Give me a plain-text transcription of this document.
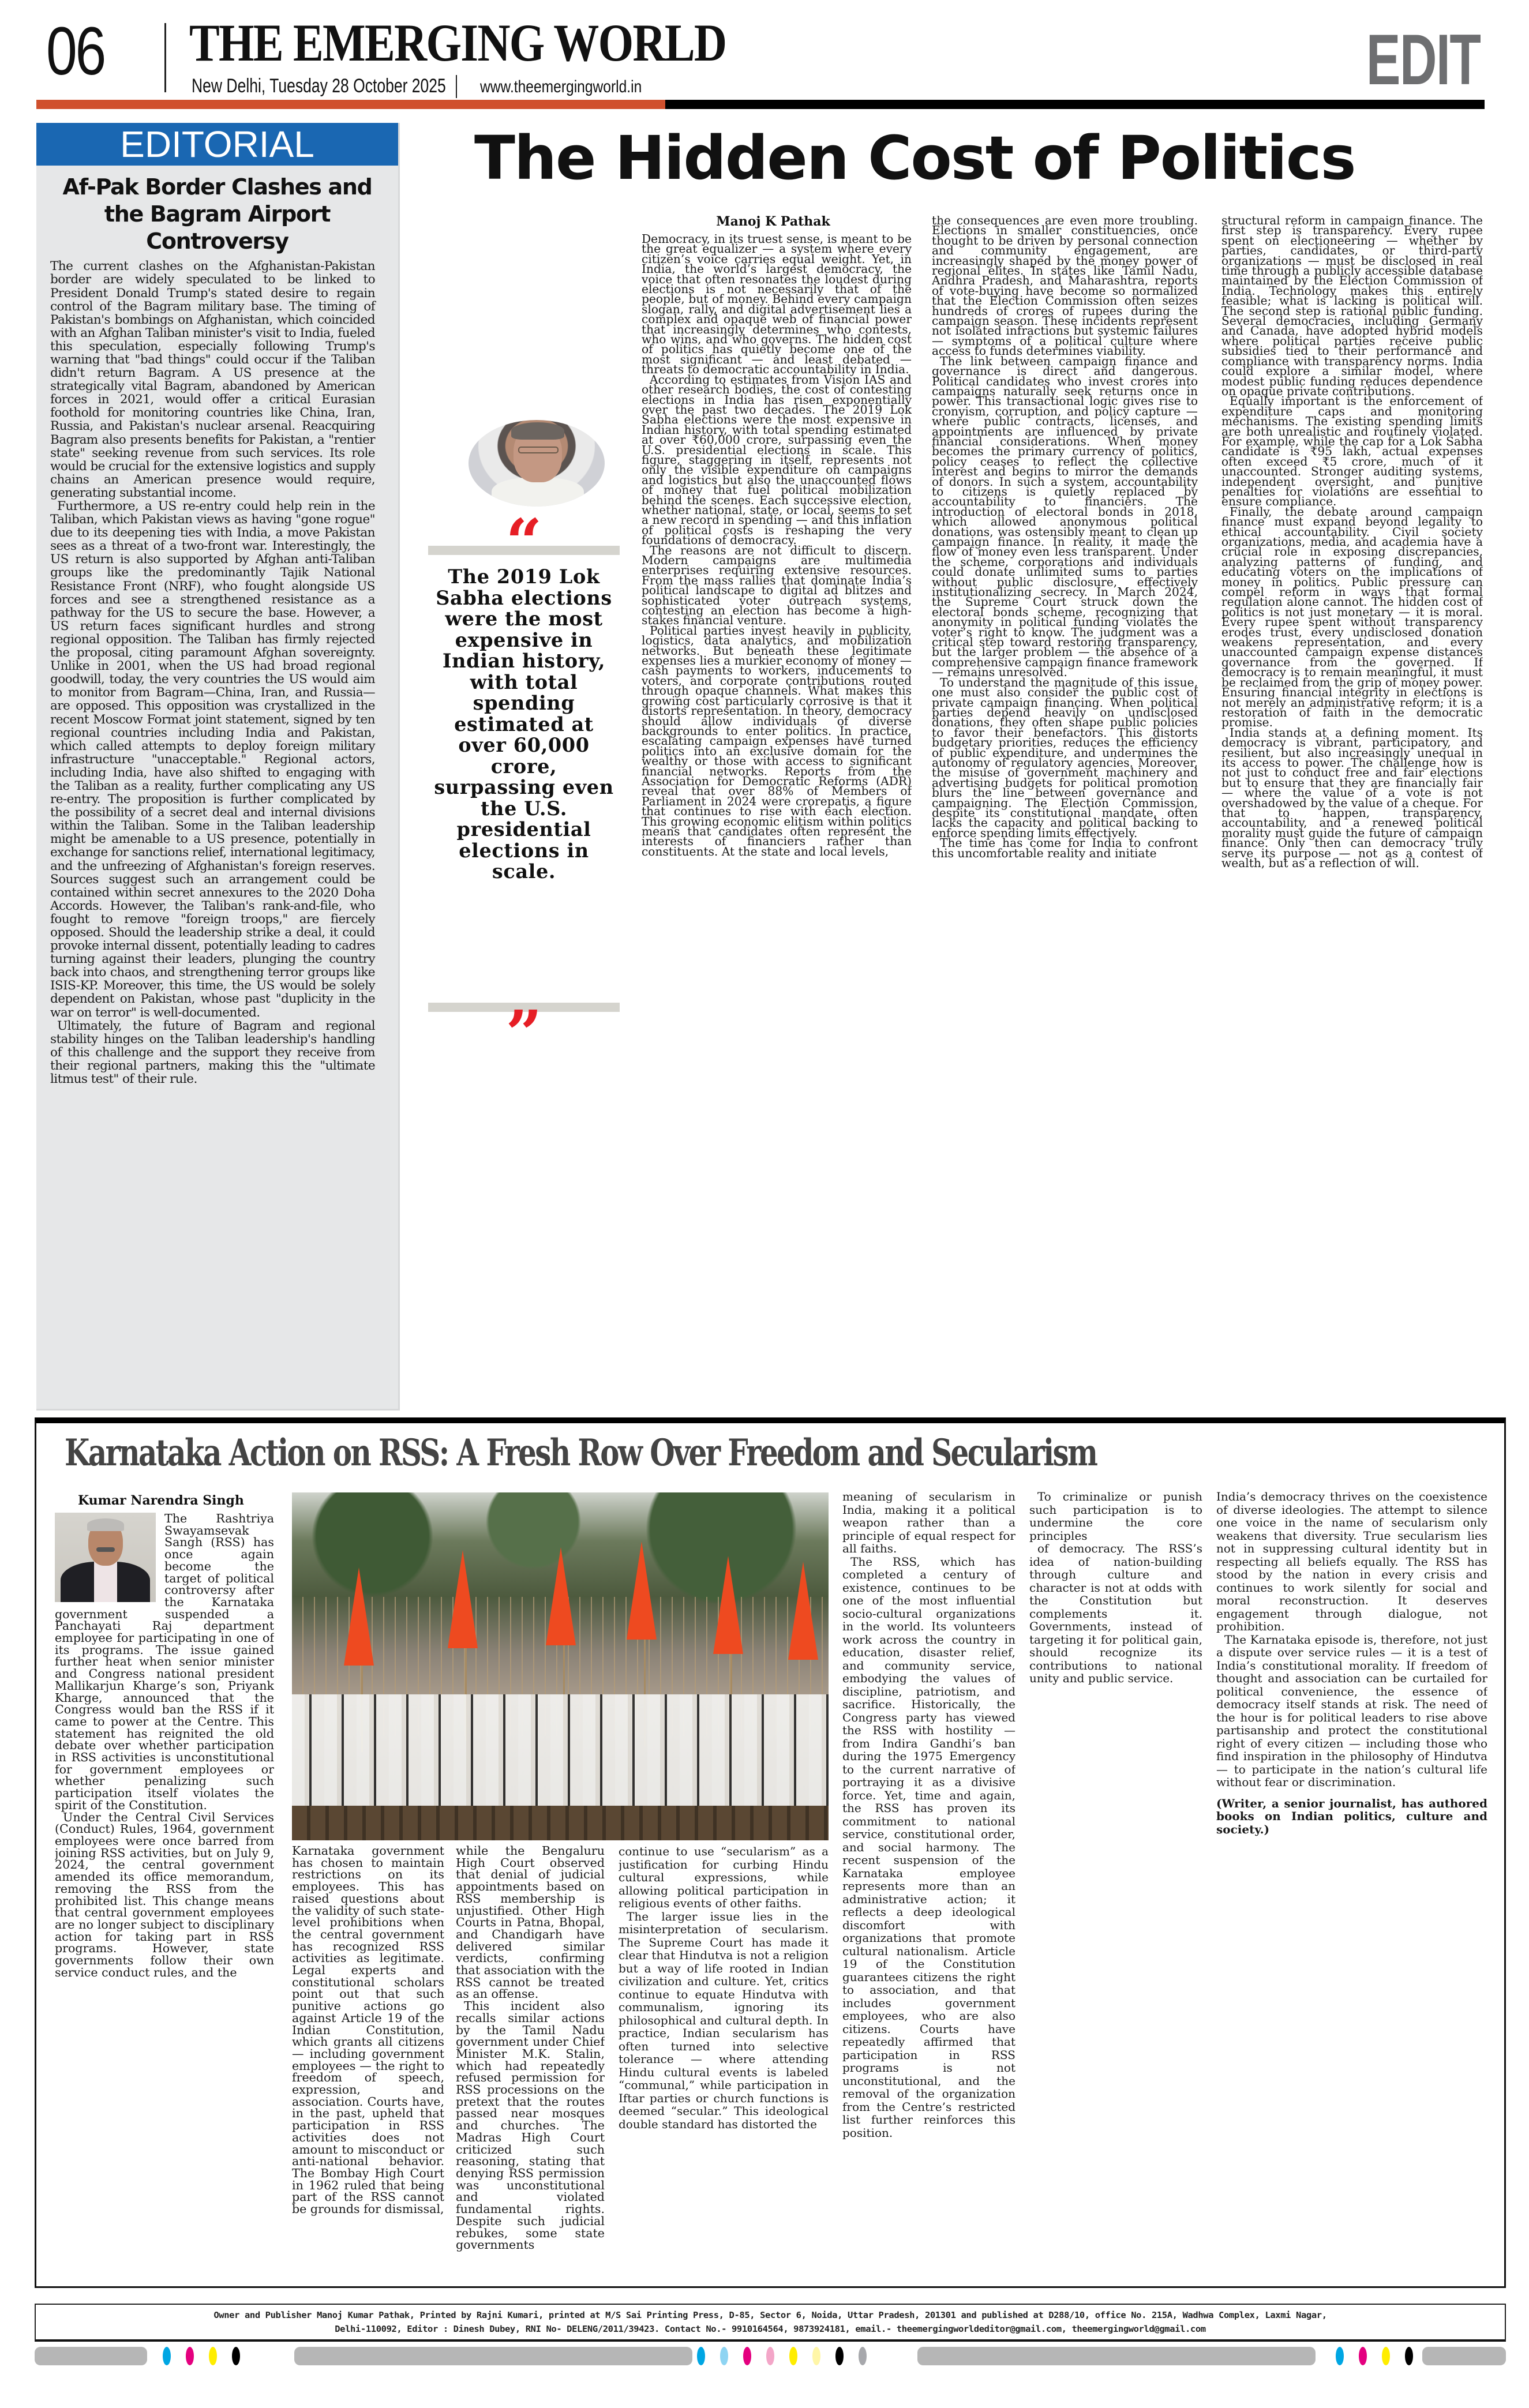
06 THE EMERGING WORLD
New Delhi, Tuesday 28 October 2025 www.theemergingworld.in	EDIT
EDITORIAL
Af-Pak Border Clashes and the Bagram Airport Controversy

The current clashes on the Afghanistan-Pakistan border are widely speculated to be linked to President Donald Trump's stated desire to regain control of the Bagram military base. The timing of Pakistan's bombings on Afghanistan, which coincided with an Afghan Taliban minister's visit to India, fueled this speculation, especially following Trump's warning that "bad things" could occur if the Taliban didn't return Bagram. A US presence at the strategically vital Bagram, abandoned by American forces in 2021, would offer a critical Eurasian foothold for monitoring countries like China, Iran, Russia, and Pakistan's nuclear arsenal. Reacquiring Bagram also presents benefits for Pakistan, a "rentier state" seeking revenue from such services. Its role would be crucial for the extensive logistics and supply chains an American presence would require, generating substantial income.

Furthermore, a US re-entry could help rein in the Taliban, which Pakistan views as having "gone rogue" due to its deepening ties with India, a move Pakistan sees as a threat of a two-front war. Interestingly, the US return is also supported by Afghan anti-Taliban groups like the predominantly Tajik National Resistance Front (NRF), who fought alongside US forces and see a strengthened resistance as a pathway for the US to secure the base. However, a US return faces significant hurdles and strong regional opposition. The Taliban has firmly rejected the proposal, citing paramount Afghan sovereignty. Unlike in 2001, when the US had broad regional goodwill, today, the very countries the US would aim to monitor from Bagram—China, Iran, and Russia—are opposed. This opposition was crystallized in the recent Moscow Format joint statement, signed by ten regional countries including India and Pakistan, which called attempts to deploy foreign military infrastructure "unacceptable." Regional actors, including India, have also shifted to engaging with the Taliban as a reality, further complicating any US re-entry. The proposition is further complicated by the possibility of a secret deal and internal divisions within the Taliban. Some in the Taliban leadership might be amenable to a US presence, potentially in exchange for sanctions relief, international legitimacy, and the unfreezing of Afghanistan's foreign reserves. Sources suggest such an arrangement could be contained within secret annexures to the 2020 Doha Accords. However, the Taliban's rank-and-file, who fought to remove "foreign troops," are fiercely opposed. Should the leadership strike a deal, it could provoke internal dissent, potentially leading to cadres turning against their leaders, plunging the country back into chaos, and strengthening terror groups like ISIS-KP. Moreover, this time, the US would be solely dependent on Pakistan, whose past "duplicity in the war on terror" is well-documented.

Ultimately, the future of Bagram and regional stability hinges on the Taliban leadership's handling of this challenge and the support they receive from their regional partners, making this the "ultimate litmus test" of their rule.

The Hidden Cost of Politics
“
The 2019 Lok Sabha elections were the most expensive in Indian history, with total spending estimated at over 60,000 crore, surpassing even the U.S. presidential elections in scale.
”
Manoj K Pathak

Democracy, in its truest sense, is meant to be the great equalizer — a system where every citizen’s voice carries equal weight. Yet, in India, the world’s largest democracy, the voice that often resonates the loudest during elections is not necessarily that of the people, but of money. Behind every campaign slogan, rally, and digital advertisement lies a complex and opaque web of financial power that increasingly determines who contests, who wins, and who governs. The hidden cost of politics has quietly become one of the most significant — and least debated — threats to democratic accountability in India.

According to estimates from Vision IAS and other research bodies, the cost of contesting elections in India has risen exponentially over the past two decades. The 2019 Lok Sabha elections were the most expensive in Indian history, with total spending estimated at over ₹60,000 crore, surpassing even the U.S. presidential elections in scale. This figure, staggering in itself, represents not only the visible expenditure on campaigns and logistics but also the unaccounted flows of money that fuel political mobilization behind the scenes. Each successive election, whether national, state, or local, seems to set a new record in spending — and this inflation of political costs is reshaping the very foundations of democracy.

The reasons are not difficult to discern. Modern campaigns are multimedia enterprises requiring extensive resources. From the mass rallies that dominate India’s political landscape to digital ad blitzes and sophisticated voter outreach systems, contesting an election has become a high-stakes financial venture.

Political parties invest heavily in publicity, logistics, data analytics, and mobilization networks. But beneath these legitimate expenses lies a murkier economy of money — cash payments to workers, inducements to voters, and corporate contributions routed through opaque channels. What makes this growing cost particularly corrosive is that it distorts representation. In theory, democracy should allow individuals of diverse backgrounds to enter politics. In practice, escalating campaign expenses have turned politics into an exclusive domain for the wealthy or those with access to significant financial networks. Reports from the Association for Democratic Reforms (ADR) reveal that over 88% of Members of Parliament in 2024 were crorepatis, a figure that continues to rise with each election. This growing economic elitism within politics means that candidates often represent the interests of financiers rather than constituents. At the state and local levels,

the consequences are even more troubling. Elections in smaller constituencies, once thought to be driven by personal connection and community engagement, are increasingly shaped by the money power of regional elites. In states like Tamil Nadu, Andhra Pradesh, and Maharashtra, reports of vote-buying have become so normalized that the Election Commission often seizes hundreds of crores of rupees during the campaign season. These incidents represent not isolated infractions but systemic failures — symptoms of a political culture where access to funds determines viability.

The link between campaign finance and governance is direct and dangerous. Political candidates who invest crores into campaigns naturally seek returns once in power. This transactional logic gives rise to cronyism, corruption, and policy capture — where public contracts, licenses, and appointments are influenced by private financial considerations. When money becomes the primary currency of politics, policy ceases to reflect the collective interest and begins to mirror the demands of donors. In such a system, accountability to citizens is quietly replaced by accountability to financiers. The introduction of electoral bonds in 2018, which allowed anonymous political donations, was ostensibly meant to clean up campaign finance. In reality, it made the flow of money even less transparent. Under the scheme, corporations and individuals could donate unlimited sums to parties without public disclosure, effectively institutionalizing secrecy. In March 2024, the Supreme Court struck down the electoral bonds scheme, recognizing that anonymity in political funding violates the voter’s right to know. The judgment was a critical step toward restoring transparency, but the larger problem — the absence of a comprehensive campaign finance framework — remains unresolved.

To understand the magnitude of this issue, one must also consider the public cost of private campaign financing. When political parties depend heavily on undisclosed donations, they often shape public policies to favor their benefactors. This distorts budgetary priorities, reduces the efficiency of public expenditure, and undermines the autonomy of regulatory agencies. Moreover, the misuse of government machinery and advertising budgets for political promotion blurs the line between governance and campaigning. The Election Commission, despite its constitutional mandate, often lacks the capacity and political backing to enforce spending limits effectively.

The time has come for India to confront this uncomfortable reality and initiate

structural reform in campaign finance. The first step is transparency. Every rupee spent on electioneering — whether by parties, candidates, or third-party organizations — must be disclosed in real time through a publicly accessible database maintained by the Election Commission of India. Technology makes this entirely feasible; what is lacking is political will. The second step is rational public funding. Several democracies, including Germany and Canada, have adopted hybrid models where political parties receive public subsidies tied to their performance and compliance with transparency norms. India could explore a similar model, where modest public funding reduces dependence on opaque private contributions.

Equally important is the enforcement of expenditure caps and monitoring mechanisms. The existing spending limits are both unrealistic and routinely violated. For example, while the cap for a Lok Sabha candidate is ₹95 lakh, actual expenses often exceed ₹5 crore, much of it unaccounted. Stronger auditing systems, independent oversight, and punitive penalties for violations are essential to ensure compliance.

Finally, the debate around campaign finance must expand beyond legality to ethical accountability. Civil society organizations, media, and academia have a crucial role in exposing discrepancies, analyzing patterns of funding, and educating voters on the implications of money in politics. Public pressure can compel reform in ways that formal regulation alone cannot. The hidden cost of politics is not just monetary — it is moral. Every rupee spent without transparency erodes trust, every undisclosed donation weakens representation, and every unaccounted campaign expense distances governance from the governed. If democracy is to remain meaningful, it must be reclaimed from the grip of money power. Ensuring financial integrity in elections is not merely an administrative reform; it is a restoration of faith in the democratic promise.

India stands at a defining moment. Its democracy is vibrant, participatory, and resilient, but also increasingly unequal in its access to power. The challenge now is not just to conduct free and fair elections but to ensure that they are financially fair — where the value of a vote is not overshadowed by the value of a cheque. For that to happen, transparency, accountability, and a renewed political morality must guide the future of campaign finance. Only then can democracy truly serve its purpose — not as a contest of wealth, but as a reflection of will.

Karnataka Action on RSS: A Fresh Row Over Freedom and Secularism
Kumar Narendra Singh

The Rashtriya Swayamsevak Sangh (RSS) has once again become the target of political controversy after the Karnataka government suspended a Panchayati Raj department employee for participating in one of its programs. The issue gained further heat when senior minister and Congress national president Mallikarjun Kharge’s son, Priyank Kharge, announced that the Congress would ban the RSS if it came to power at the Centre. This statement has reignited the old debate over whether participation in RSS activities is unconstitutional for government employees or whether penalizing such participation itself violates the spirit of the Constitution.

Under the Central Civil Services (Conduct) Rules, 1964, government employees were once barred from joining RSS activities, but on July 9, 2024, the central government amended its office memorandum, removing the RSS from the prohibited list. This change means that central government employees are no longer subject to disciplinary action for taking part in RSS programs. However, state governments follow their own service conduct rules, and the

Karnataka government has chosen to maintain restrictions on its employees. This has raised questions about the validity of such state-level prohibitions when the central government has recognized RSS activities as legitimate. Legal experts and constitutional scholars point out that such punitive actions go against Article 19 of the Indian Constitution, which grants all citizens — including government employees — the right to freedom of speech, expression, and association. Courts have, in the past, upheld that participation in RSS activities does not amount to misconduct or anti-national behavior. The Bombay High Court in 1962 ruled that being part of the RSS cannot be grounds for dismissal,

while the Bengaluru High Court observed that denial of judicial appointments based on RSS membership is unjustified. Other High Courts in Patna, Bhopal, and Chandigarh have delivered similar verdicts, confirming that association with the RSS cannot be treated as an offense.

This incident also recalls similar actions by the Tamil Nadu government under Chief Minister M.K. Stalin, which had repeatedly refused permission for RSS processions on the pretext that the routes passed near mosques and churches. The Madras High Court criticized such reasoning, stating that denying RSS permission was unconstitutional and violated fundamental rights. Despite such judicial rebukes, some state governments

continue to use “secularism” as a justification for curbing Hindu cultural expressions, while allowing political participation in religious events of other faiths.

The larger issue lies in the misinterpretation of secularism. The Supreme Court has made it clear that Hindutva is not a religion but a way of life rooted in Indian civilization and culture. Yet, critics continue to equate Hindutva with communalism, ignoring its philosophical and cultural depth. In practice, Indian secularism has often turned into selective tolerance — where attending Hindu cultural events is labeled “communal,” while participation in Iftar parties or church functions is deemed “secular.” This ideological double standard has distorted the

meaning of secularism in India, making it a political weapon rather than a principle of equal respect for all faiths.

The RSS, which has completed a century of existence, continues to be one of the most influential socio-cultural organizations in the world. Its volunteers work across the country in education, disaster relief, and community service, embodying the values of discipline, patriotism, and sacrifice. Historically, the Congress party has viewed the RSS with hostility — from Indira Gandhi’s ban during the 1975 Emergency to the current narrative of portraying it as a divisive force. Yet, time and again, the RSS has proven its commitment to national service, constitutional order, and social harmony. The recent suspension of the Karnataka employee represents more than an administrative action; it reflects a deep ideological discomfort with organizations that promote cultural nationalism. Article 19 of the Constitution guarantees citizens the right to association, and that includes government employees, who are also citizens. Courts have repeatedly affirmed that participation in RSS programs is not unconstitutional, and the removal of the organization from the Centre’s restricted list further reinforces this position.

To criminalize or punish such participation is to undermine the core principles

of democracy. The RSS’s idea of nation-building through culture and character is not at odds with the Constitution but complements it. Governments, instead of targeting it for political gain, should recognize its contributions to national unity and public service.

India’s democracy thrives on the coexistence of diverse ideologies. The attempt to silence one voice in the name of secularism only weakens that diversity. True secularism lies not in suppressing cultural identity but in respecting all beliefs equally. The RSS has stood by the nation in every crisis and continues to work silently for social and moral reconstruction. It deserves engagement through dialogue, not prohibition.

The Karnataka episode is, therefore, not just a dispute over service rules — it is a test of India’s constitutional morality. If freedom of thought and association can be curtailed for political convenience, the essence of democracy itself stands at risk. The need of the hour is for political leaders to rise above partisanship and protect the constitutional right of every citizen — including those who find inspiration in the philosophy of Hindutva — to participate in the nation’s cultural life without fear or discrimination.

(Writer, a senior journalist, has authored books on Indian politics, culture and society.)

Owner and Publisher Manoj Kumar Pathak, Printed by Rajni Kumari, printed at M/S Sai Printing Press, D-85, Sector 6, Noida, Uttar Pradesh, 201301 and published at D288/10, office No. 215A, Wadhwa Complex, Laxmi Nagar,
Delhi-110092, Editor : Dinesh Dubey, RNI No- DELENG/2011/39423. Contact No.- 9910164564, 9873924181, email.- theemergingworldeditor@gmail.com, theemergingworld@gmail.com
